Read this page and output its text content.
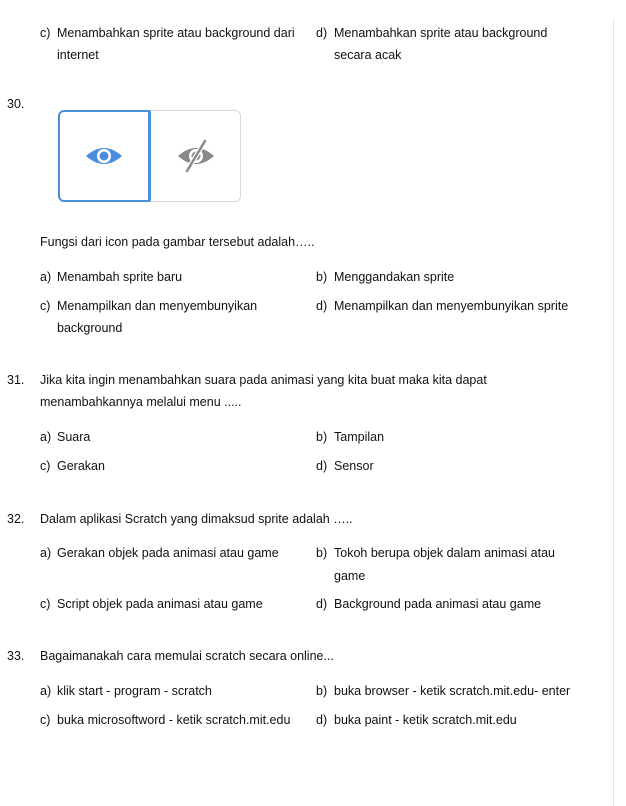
c) Menambahkan sprite atau background dari
internet
d) Menambahkan sprite atau background
secara acak
30.
Fungsi dari icon pada gambar tersebut adalah…..
a) Menambah sprite baru	b) Menggandakan sprite
c) Menampilkan dan menyembunyikan
background
d) Menampilkan dan menyembunyikan sprite
31. Jika kita ingin menambahkan suara pada animasi yang kita buat maka kita dapat
menambahkannya melalui menu .....
a) Suara	b) Tampilan
c) Gerakan	d) Sensor
32. Dalam aplikasi Scratch yang dimaksud sprite adalah …..
a) Gerakan objek pada animasi atau game	b) Tokoh berupa objek dalam animasi atau
game
c) Script objek pada animasi atau game	d) Background pada animasi atau game
33. Bagaimanakah cara memulai scratch secara online...
a) klik start - program - scratch	b) buka browser - ketik scratch.mit.edu- enter
c) buka microsoftword - ketik scratch.mit.edu d) buka paint - ketik scratch.mit.edu
